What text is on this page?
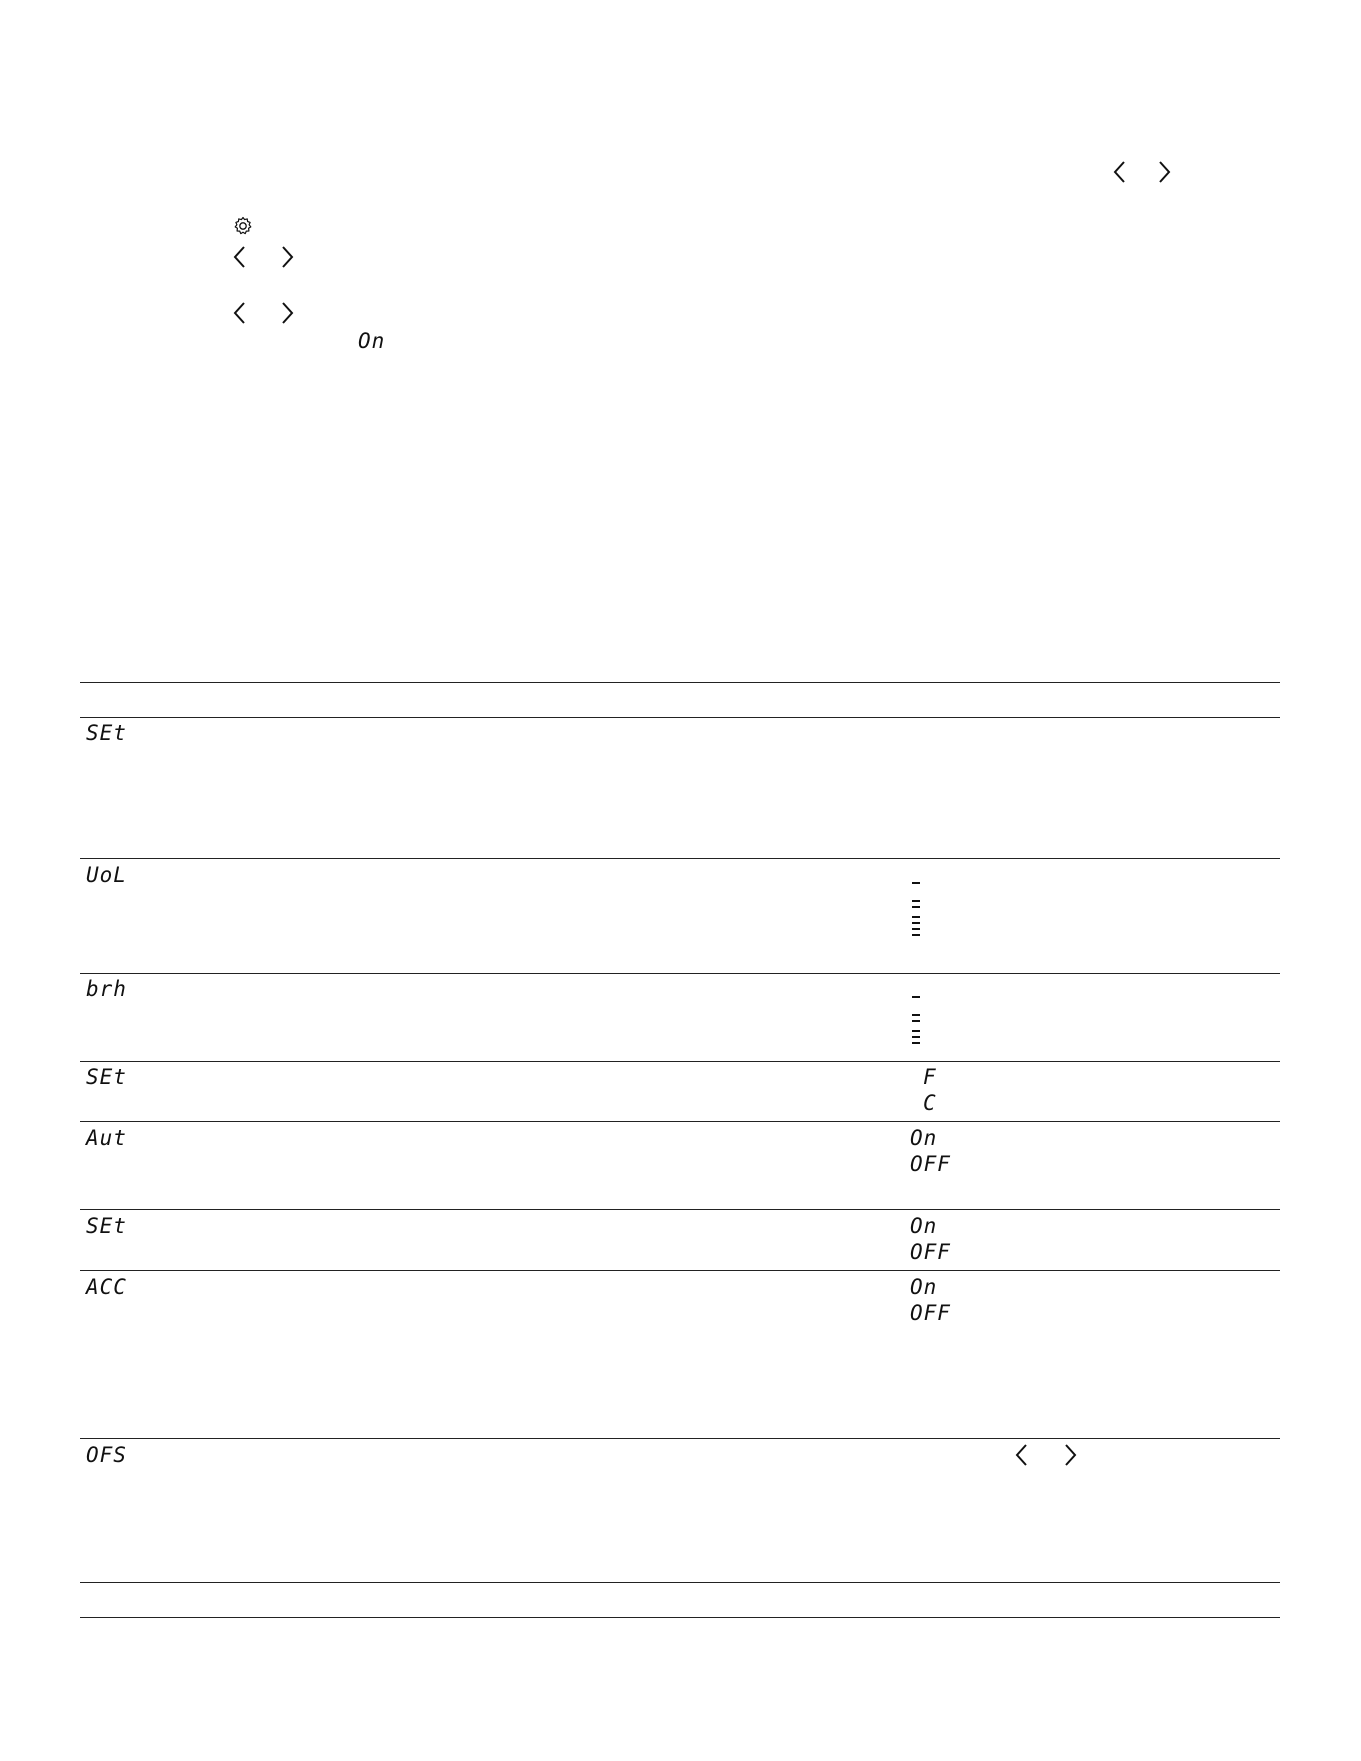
On
SEt
UoL
brh
SEt	F
C
Aut	On
OFF
SEt	On
OFF
ACC	On
OFF
OFS
